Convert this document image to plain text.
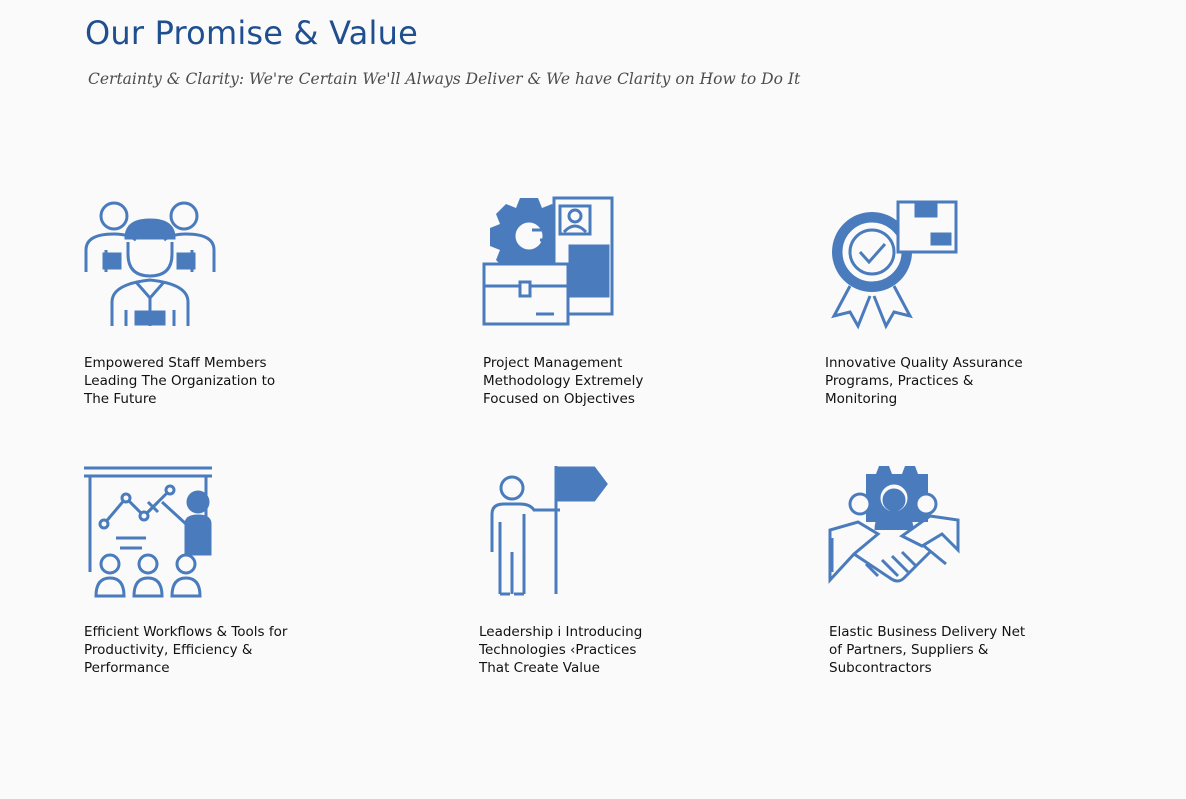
Our Promise & Value

Certainty & Clarity: We're Certain We'll Always Deliver & We have Clarity on How to Do It

Empowered Staff Members
Leading The Organization to
The Future
Project Management
Methodology Extremely
Focused on Objectives
Innovative Quality Assurance
Programs, Practices &
Monitoring
Efficient Workflows & Tools for
Productivity, Efficiency &
Performance
Leadership i Introducing
Technologies ‹Practices
That Create Value
Elastic Business Delivery Net
of Partners, Suppliers &
Subcontractors
